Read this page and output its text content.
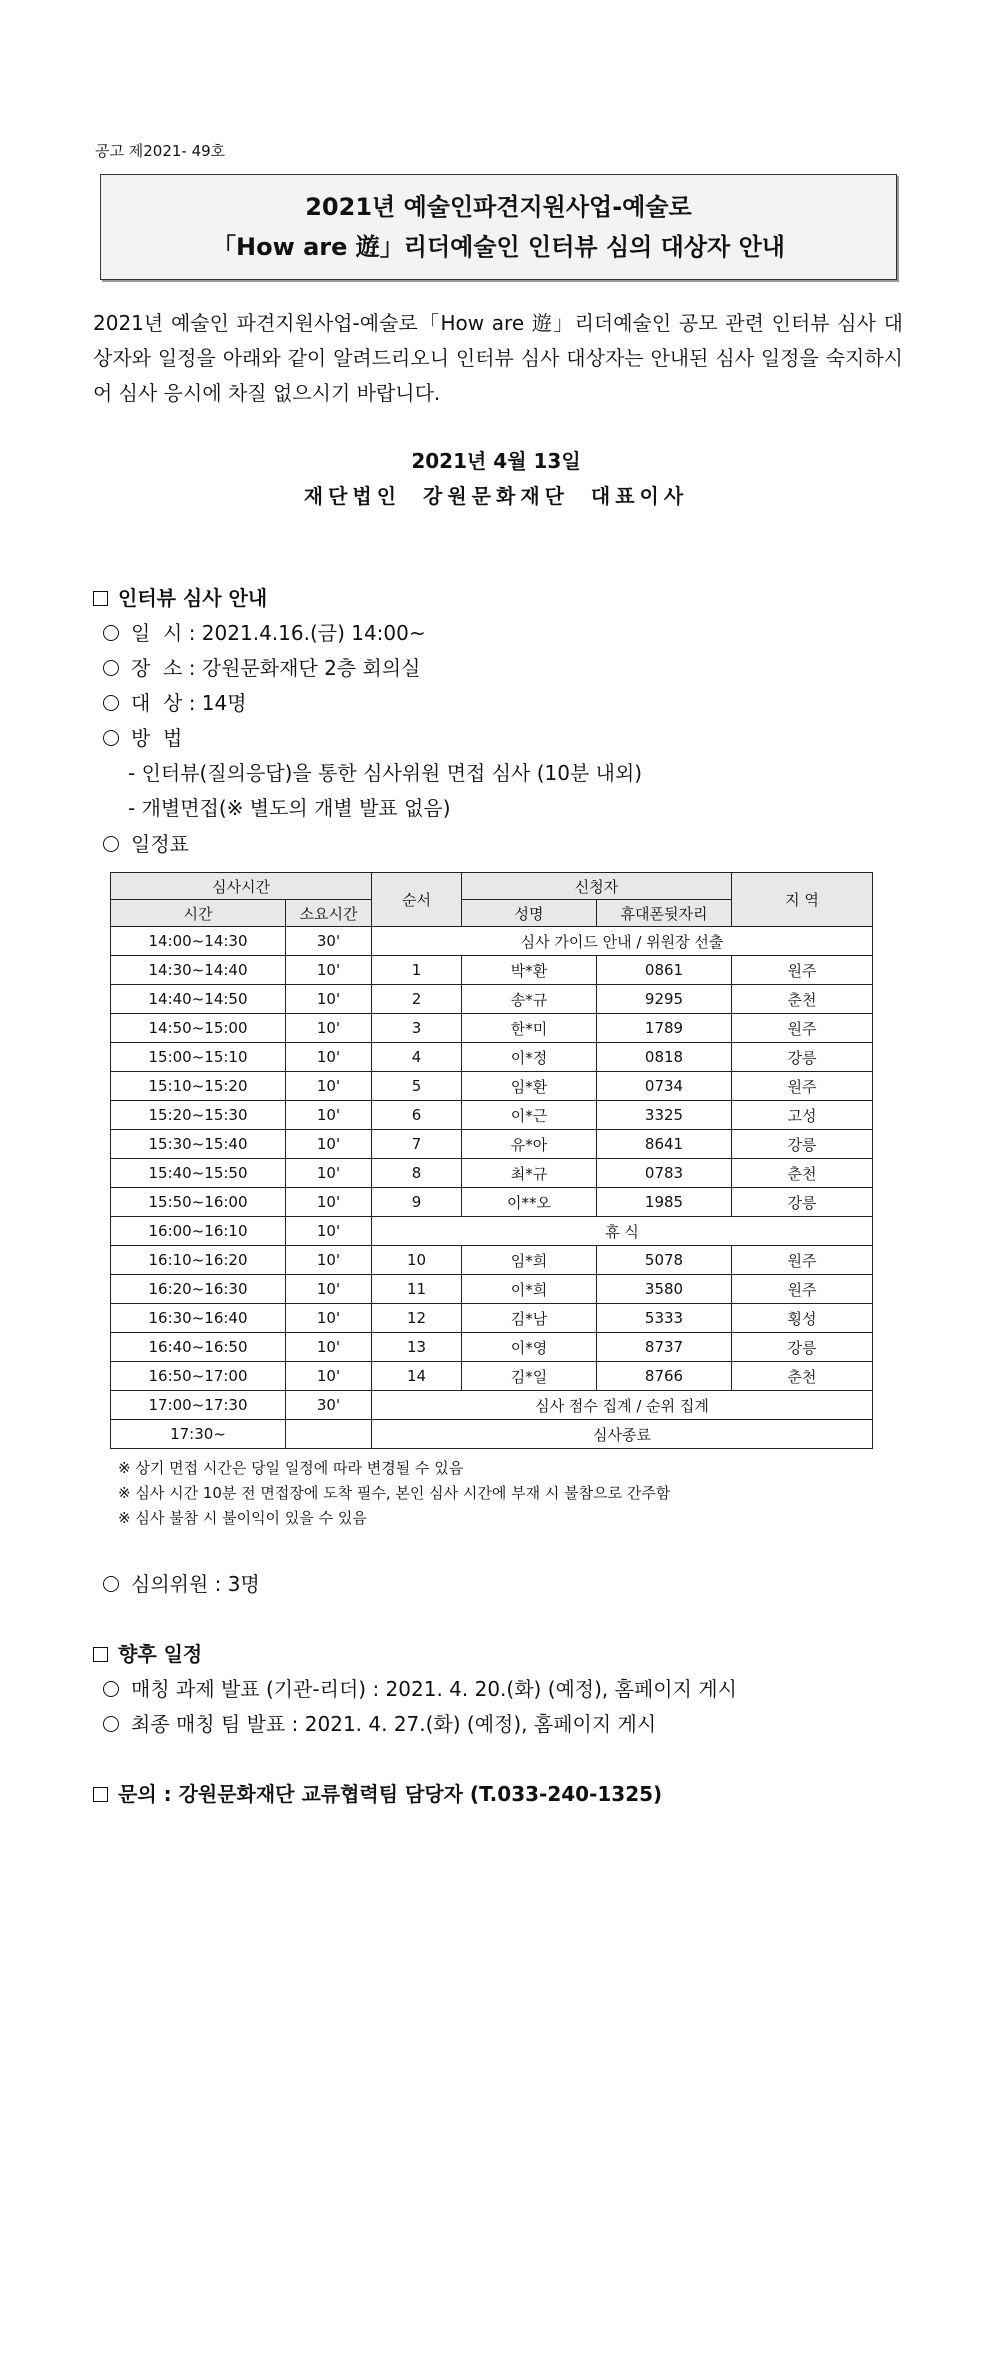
공고 제2021- 49호
2021년 예술인파견지원사업-예술로
「How are 遊」리더예술인 인터뷰 심의 대상자 안내
2021년 예술인 파견지원사업-예술로「How are 遊」리더예술인 공모 관련 인터뷰 심사 대상자와 일정을 아래와 같이 알려드리오니 인터뷰 심사 대상자는 안내된 심사 일정을 숙지하시어 심사 응시에 차질 없으시기 바랍니다.
2021년 4월 13일
재단법인 강원문화재단 대표이사
인터뷰 심사 안내
일  시 : 2021.4.16.(금) 14:00~
장  소 : 강원문화재단 2층 회의실
대  상 : 14명
방  법
- 인터뷰(질의응답)을 통한 심사위원 면접 심사 (10분 내외)
- 개별면접(※ 별도의 개별 발표 없음)
일정표
심사시간		순서	신청자		지 역
시간	소요시간		성명	휴대폰뒷자리	
14:00~14:30	30'	심사 가이드 안내 / 위원장 선출			
14:30~14:40	10'	1	박*환	0861	원주
14:40~14:50	10'	2	송*규	9295	춘천
14:50~15:00	10'	3	한*미	1789	원주
15:00~15:10	10'	4	이*정	0818	강릉
15:10~15:20	10'	5	임*환	0734	원주
15:20~15:30	10'	6	이*근	3325	고성
15:30~15:40	10'	7	유*아	8641	강릉
15:40~15:50	10'	8	최*규	0783	춘천
15:50~16:00	10'	9	이**오	1985	강릉
16:00~16:10	10'	휴 식			
16:10~16:20	10'	10	임*희	5078	원주
16:20~16:30	10'	11	이*희	3580	원주
16:30~16:40	10'	12	김*남	5333	횡성
16:40~16:50	10'	13	이*영	8737	강릉
16:50~17:00	10'	14	김*일	8766	춘천
17:00~17:30	30'	심사 점수 집계 / 순위 집계			
17:30~		심사종료			
※ 상기 면접 시간은 당일 일정에 따라 변경될 수 있음
※ 심사 시간 10분 전 면접장에 도착 필수, 본인 심사 시간에 부재 시 불참으로 간주함
※ 심사 불참 시 불이익이 있을 수 있음
심의위원 : 3명
향후 일정
매칭 과제 발표 (기관-리더) : 2021. 4. 20.(화) (예정), 홈페이지 게시
최종 매칭 팀 발표 : 2021. 4. 27.(화) (예정), 홈페이지 게시
문의 : 강원문화재단 교류협력팀 담당자 (T.033-240-1325)
